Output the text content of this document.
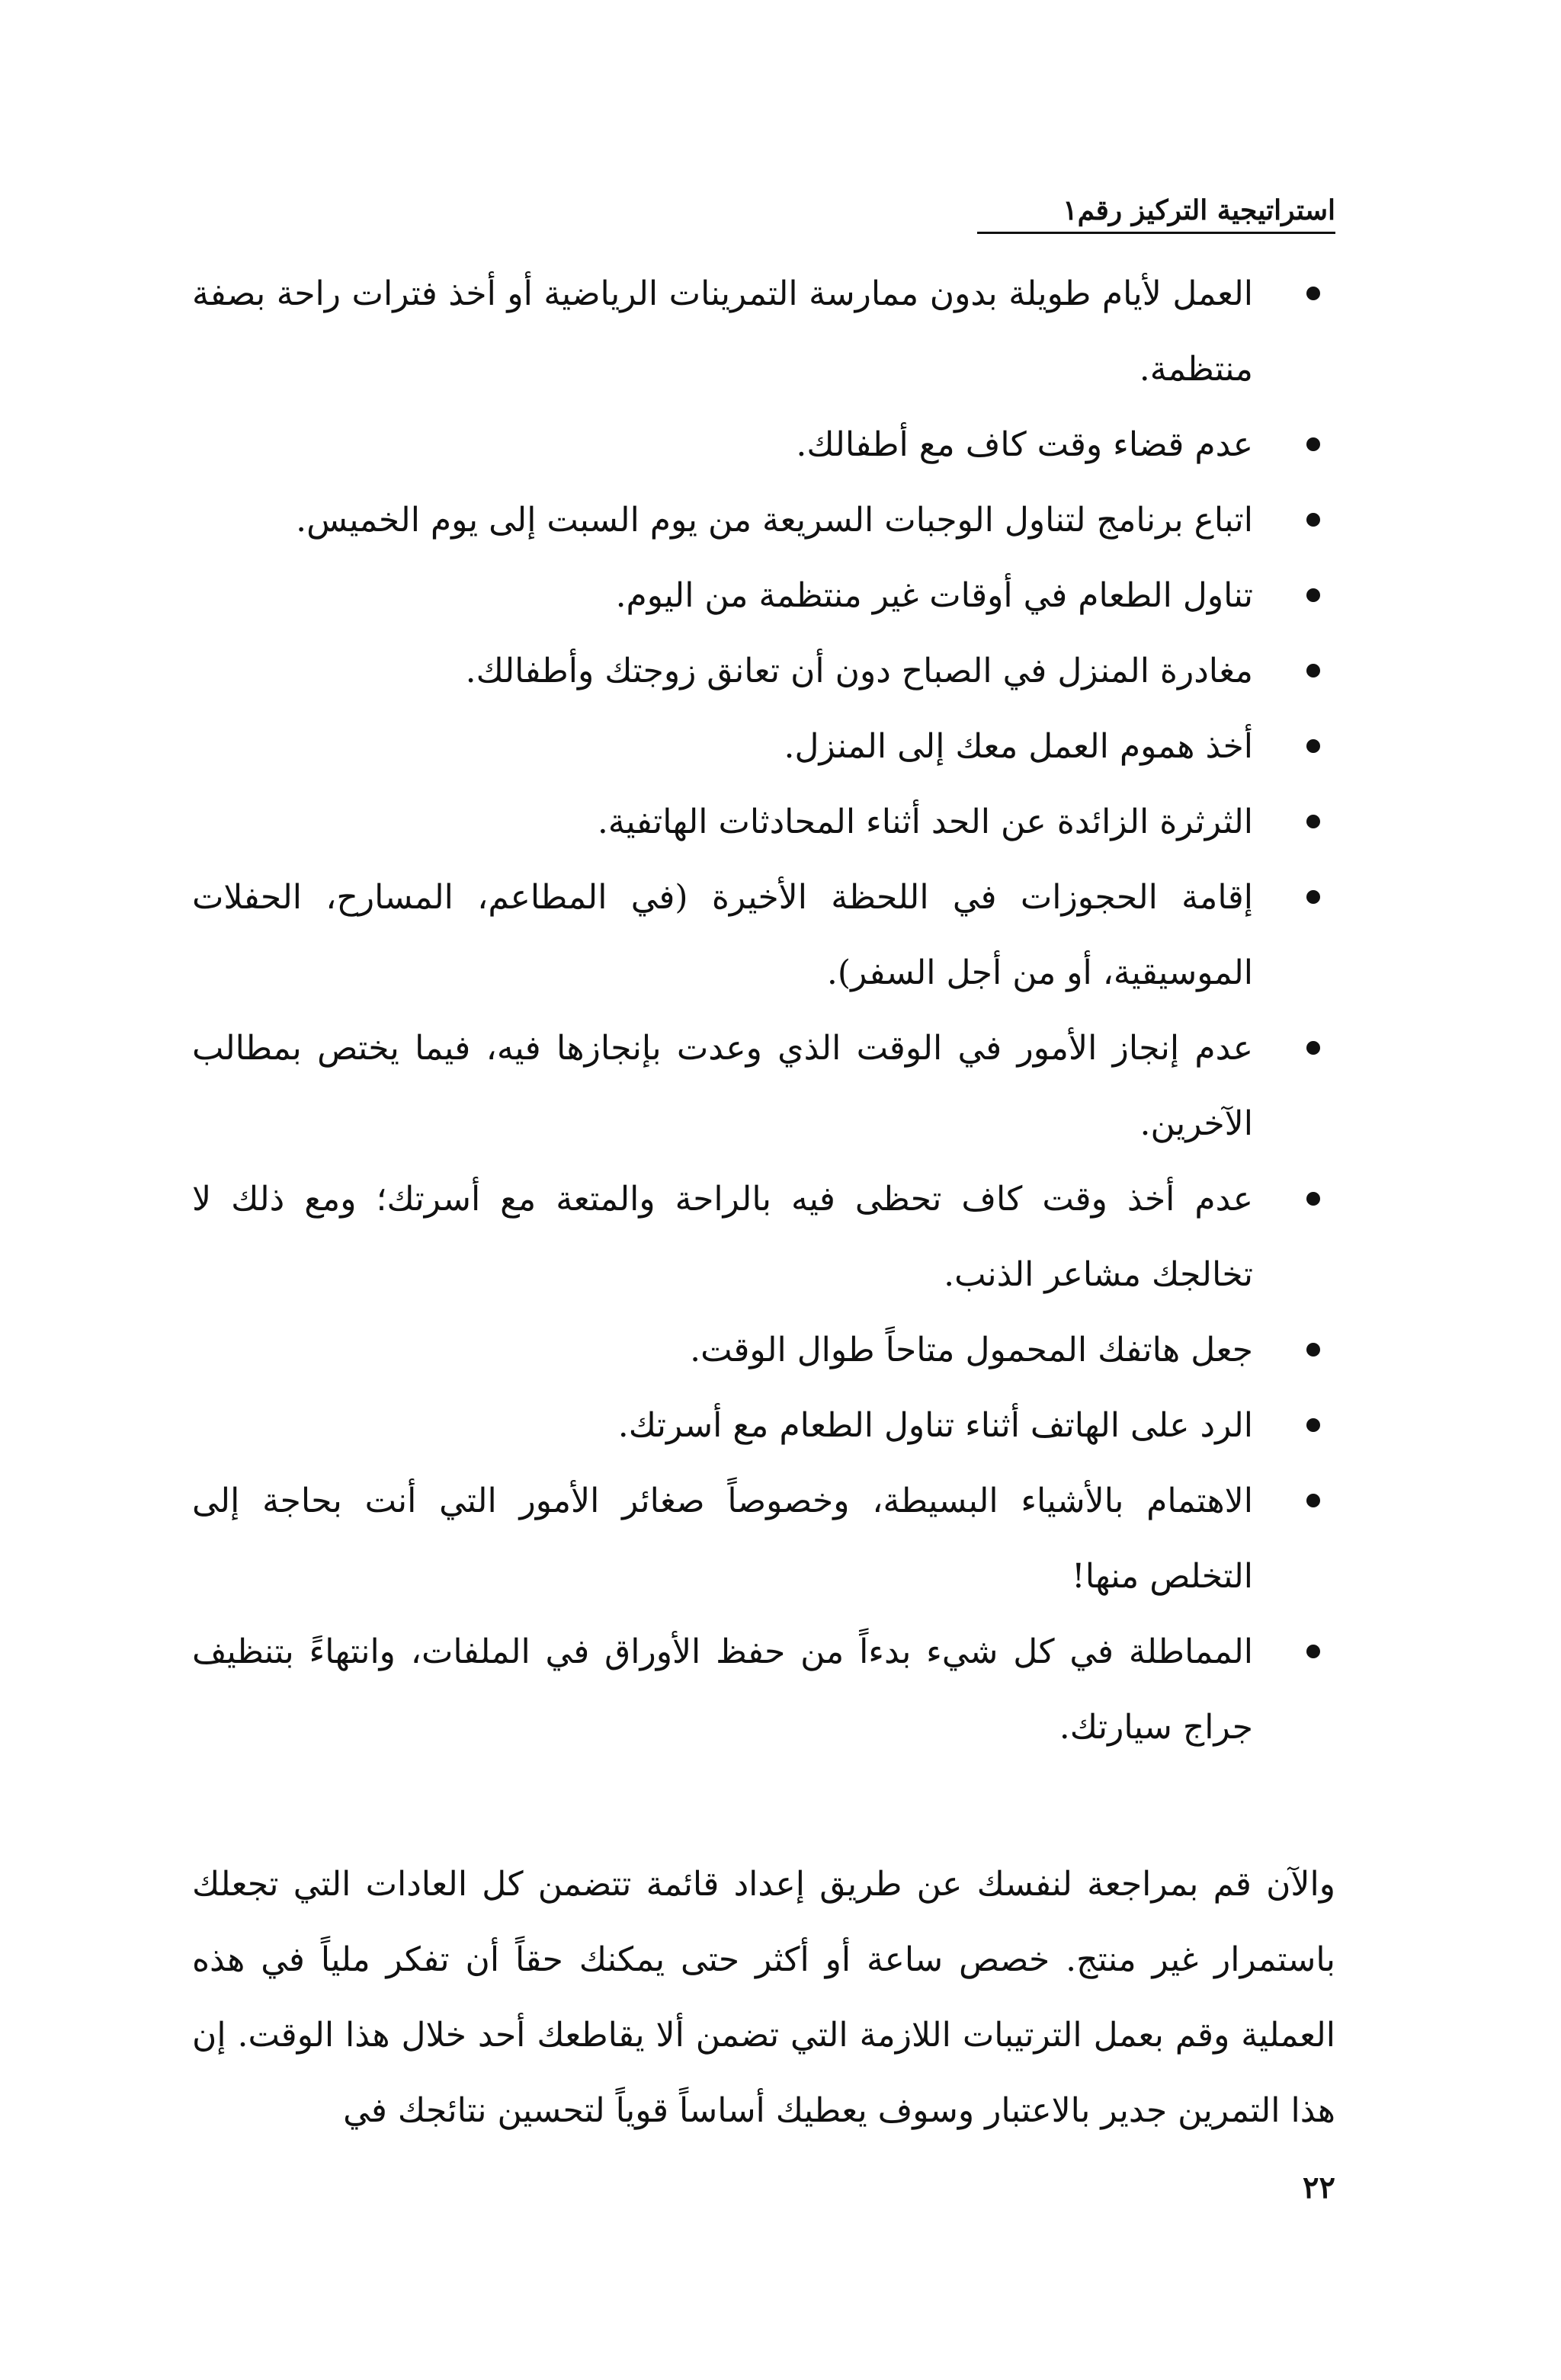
استراتيجية التركيز رقم١
العمل لأيام طويلة بدون ممارسة التمرينات الرياضية أو أخذ فترات راحة بصفة منتظمة.
عدم قضاء وقت كاف مع أطفالك.
اتباع برنامج لتناول الوجبات السريعة من يوم السبت إلى يوم الخميس.
تناول الطعام في أوقات غير منتظمة من اليوم.
مغادرة المنزل في الصباح دون أن تعانق زوجتك وأطفالك.
أخذ هموم العمل معك إلى المنزل.
الثرثرة الزائدة عن الحد أثناء المحادثات الهاتفية.
إقامة الحجوزات في اللحظة الأخيرة (في المطاعم، المسارح، الحفلات الموسيقية، أو من أجل السفر).
عدم إنجاز الأمور في الوقت الذي وعدت بإنجازها فيه، فيما يختص بمطالب الآخرين.
عدم أخذ وقت كاف تحظى فيه بالراحة والمتعة مع أسرتك؛ ومع ذلك لا تخالجك مشاعر الذنب.
جعل هاتفك المحمول متاحاً طوال الوقت.
الرد على الهاتف أثناء تناول الطعام مع أسرتك.
الاهتمام بالأشياء البسيطة، وخصوصاً صغائر الأمور التي أنت بحاجة إلى التخلص منها!
المماطلة في كل شيء بدءاً من حفظ الأوراق في الملفات، وانتهاءً بتنظيف جراج سيارتك.

والآن قم بمراجعة لنفسك عن طريق إعداد قائمة تتضمن كل العادات التي تجعلك باستمرار غير منتج. خصص ساعة أو أكثر حتى يمكنك حقاً أن تفكر ملياً في هذه العملية وقم بعمل الترتيبات اللازمة التي تضمن ألا يقاطعك أحد خلال هذا الوقت. إن هذا التمرين جدير بالاعتبار وسوف يعطيك أساساً قوياً لتحسين نتائجك في

٢٢
